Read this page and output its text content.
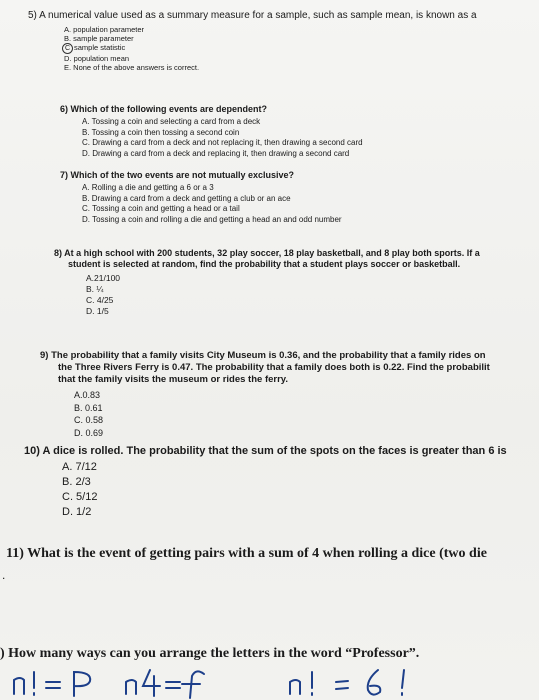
5) A numerical value used as a summary measure for a sample, such as sample mean, is known as a
A. population parameter
B. sample parameter
C sample statistic
D. population mean
E. None of the above answers is correct.
6) Which of the following events are dependent?
A. Tossing a coin and selecting a card from a deck
B. Tossing a coin then tossing a second coin
C. Drawing a card from a deck and not replacing it, then drawing a second card
D. Drawing a card from a deck and replacing it, then drawing a second card
7) Which of the two events are not mutually exclusive?
A. Rolling a die and getting a 6 or a 3
B. Drawing a card from a deck and getting a club or an ace
C. Tossing a coin and getting a head or a tail
D. Tossing a coin and rolling a die and getting a head an and odd number
8) At a high school with 200 students, 32 play soccer, 18 play basketball, and 8 play both sports. If a
student is selected at random, find the probability that a student plays soccer or basketball.
A.21/100
B. ¼
C. 4/25
D. 1/5
9) The probability that a family visits City Museum is 0.36, and the probability that a family rides on
the Three Rivers Ferry is 0.47. The probability that a family does both is 0.22. Find the probabilit
that the family visits the museum or rides the ferry.
A.0.83
B. 0.61
C. 0.58
D. 0.69
10) A dice is rolled. The probability that the sum of the spots on the faces is greater than 6 is
A. 7/12
B. 2/3
C. 5/12
D. 1/2
11) What is the event of getting pairs with a sum of 4 when rolling a dice (two die
.
) How many ways can you arrange the letters in the word “Professor”.
